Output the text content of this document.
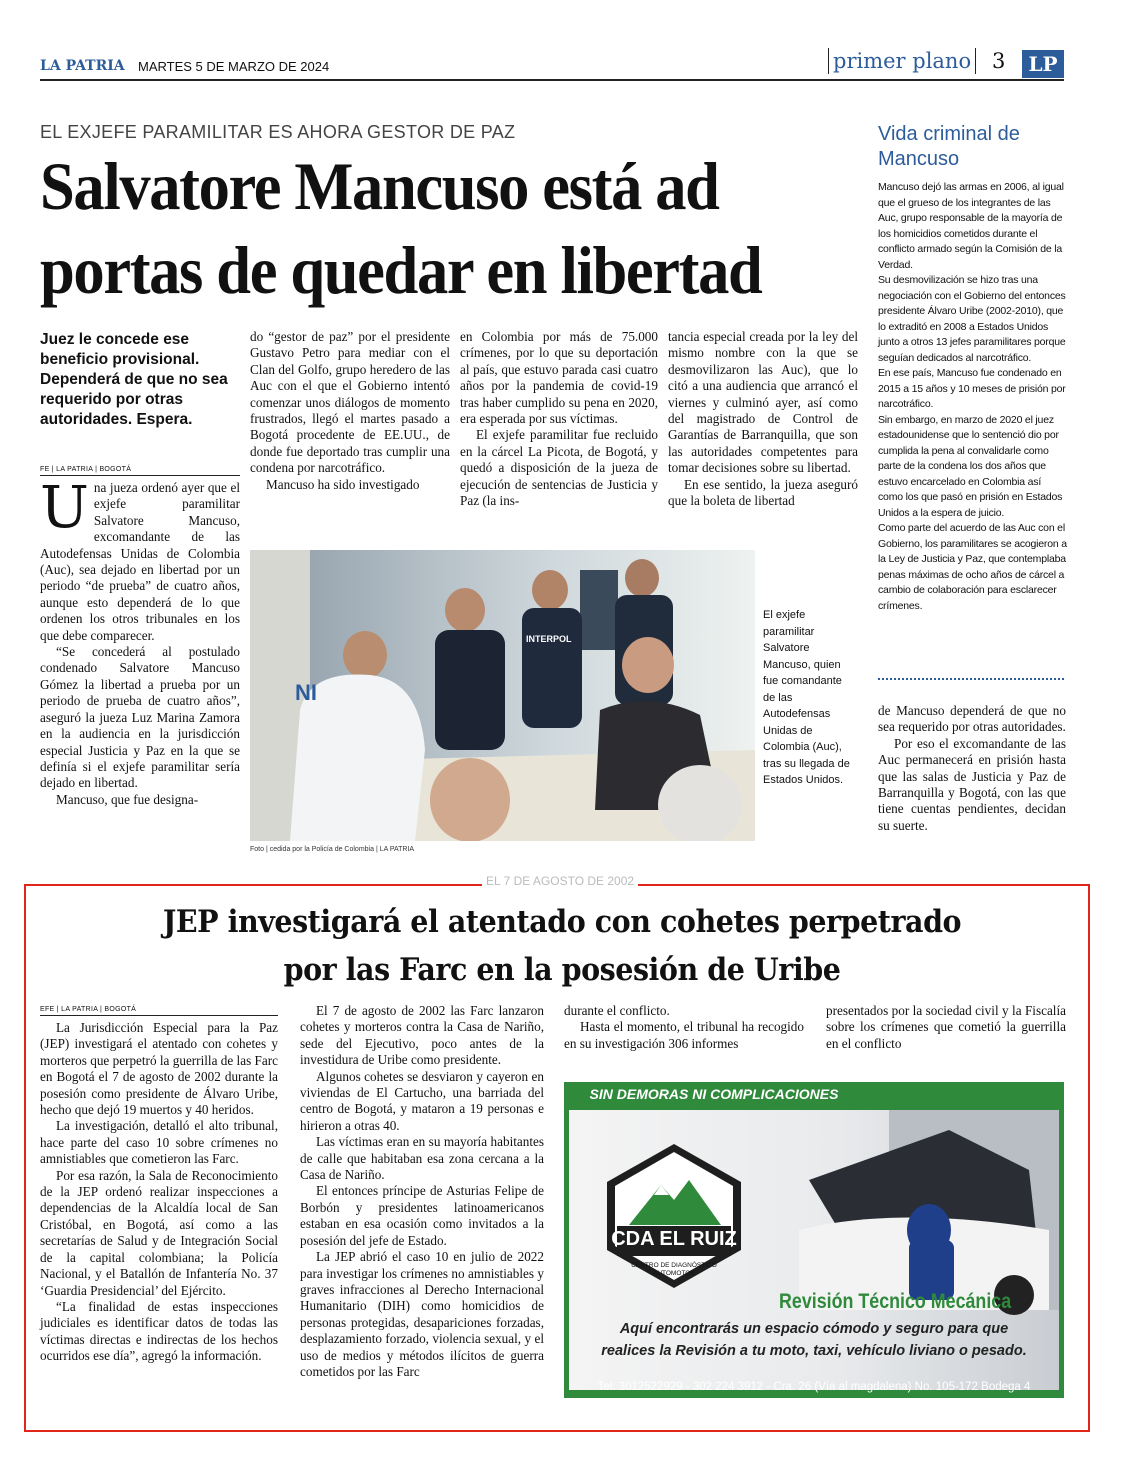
LA PATRIA MARTES 5 DE MARZO DE 2024	primer plano 3	LP
EL EXJEFE PARAMILITAR ES AHORA GESTOR DE PAZ
Salvatore Mancuso está ad portas de quedar en libertad
Juez le concede ese beneficio provisional. Dependerá de que no sea requerido por otras autoridades. Espera.
FE | LA PATRIA | BOGOTÁ

Una jueza ordenó ayer que el exjefe paramilitar Salvatore Mancuso, excomandante de las Autodefensas Unidas de Colombia (Auc), sea dejado en libertad por un periodo “de prueba” de cuatro años, aunque esto dependerá de lo que ordenen los otros tribunales en los que debe comparecer.

“Se concederá al postulado condenado Salvatore Mancuso Gómez la libertad a prueba por un periodo de prueba de cuatro años”, aseguró la jueza Luz Marina Zamora en la audiencia en la jurisdicción especial Justicia y Paz en la que se definía si el exjefe paramilitar sería dejado en libertad.

Mancuso, que fue designa-

do “gestor de paz” por el presidente Gustavo Petro para mediar con el Clan del Golfo, grupo heredero de las Auc con el que el Gobierno intentó comenzar unos diálogos de momento frustrados, llegó el martes pasado a Bogotá procedente de EE.UU., de donde fue deportado tras cumplir una condena por narcotráfico.

Mancuso ha sido investigado

en Colombia por más de 75.000 crímenes, por lo que su deportación al país, que estuvo parada casi cuatro años por la pandemia de covid-19 tras haber cumplido su pena en 2020, era esperada por sus víctimas.

El exjefe paramilitar fue recluido en la cárcel La Picota, de Bogotá, y quedó a disposición de la jueza de ejecución de sentencias de Justicia y Paz (la ins-

tancia especial creada por la ley del mismo nombre con la que se desmovilizaron las Auc), que lo citó a una audiencia que arrancó el viernes y culminó ayer, así como del magistrado de Control de Garantías de Barranquilla, que son las autoridades competentes para tomar decisiones sobre su libertad.

En ese sentido, la jueza aseguró que la boleta de libertad

NI
INTERPOL
Foto | cedida por la Policía de Colombia | LA PATRIA
El exjefe paramilitar Salvatore Mancuso, quien fue comandante de las Autodefensas Unidas de Colombia (Auc), tras su llegada de Estados Unidos.
Vida criminal de Mancuso
Mancuso dejó las armas en 2006, al igual que el grueso de los integrantes de las Auc, grupo responsable de la mayoría de los homicidios cometidos durante el conflicto armado según la Comisión de la Verdad.
Su desmovilización se hizo tras una negociación con el Gobierno del entonces presidente Álvaro Uribe (2002-2010), que lo extraditó en 2008 a Estados Unidos junto a otros 13 jefes paramilitares porque seguían dedicados al narcotráfico.
En ese país, Mancuso fue condenado en 2015 a 15 años y 10 meses de prisión por narcotráfico.
Sin embargo, en marzo de 2020 el juez estadounidense que lo sentenció dio por cumplida la pena al convalidarle como parte de la condena los dos años que estuvo encarcelado en Colombia así como los que pasó en prisión en Estados Unidos a la espera de juicio.
Como parte del acuerdo de las Auc con el Gobierno, los paramilitares se acogieron a la Ley de Justicia y Paz, que contemplaba penas máximas de ocho años de cárcel a cambio de colaboración para esclarecer crímenes.

de Mancuso dependerá de que no sea requerido por otras autoridades.

Por eso el excomandante de las Auc permanecerá en prisión hasta que las salas de Justicia y Paz de Barranquilla y Bogotá, con las que tiene cuentas pendientes, decidan su suerte.

EL 7 DE AGOSTO DE 2002
JEP investigará el atentado con cohetes perpetrado
por las Farc en la posesión de Uribe
EFE | LA PATRIA | BOGOTÁ

La Jurisdicción Especial para la Paz (JEP) investigará el atentado con cohetes y morteros que perpetró la guerrilla de las Farc en Bogotá el 7 de agosto de 2002 durante la posesión como presidente de Álvaro Uribe, hecho que dejó 19 muertos y 40 heridos.

La investigación, detalló el alto tribunal, hace parte del caso 10 sobre crímenes no amnistiables que cometieron las Farc.

Por esa razón, la Sala de Reconocimiento de la JEP ordenó realizar inspecciones a dependencias de la Alcaldía local de San Cristóbal, en Bogotá, así como a las secretarías de Salud y de Integración Social de la capital colombiana; la Policía Nacional, y el Batallón de Infantería No. 37 ‘Guardia Presidencial’ del Ejército.

“La finalidad de estas inspecciones judiciales es identificar datos de todas las víctimas directas e indirectas de los hechos ocurridos ese día”, agregó la información.

El 7 de agosto de 2002 las Farc lanzaron cohetes y morteros contra la Casa de Nariño, sede del Ejecutivo, poco antes de la investidura de Uribe como presidente.

Algunos cohetes se desviaron y cayeron en viviendas de El Cartucho, una barriada del centro de Bogotá, y mataron a 19 personas e hirieron a otras 40.

Las víctimas eran en su mayoría habitantes de calle que habitaban esa zona cercana a la Casa de Nariño.

El entonces príncipe de Asturias Felipe de Borbón y presidentes latinoamericanos estaban en esa ocasión como invitados a la posesión del jefe de Estado.

La JEP abrió el caso 10 en julio de 2022 para investigar los crímenes no amnistiables y graves infracciones al Derecho Internacional Humanitario (DIH) como homicidios de personas protegidas, desapariciones forzadas, desplazamiento forzado, violencia sexual, y el uso de medios y métodos ilícitos de guerra cometidos por las Farc

durante el conflicto.

Hasta el momento, el tribunal ha recogido en su investigación 306 informes

presentados por la sociedad civil y la Fiscalía sobre los crímenes que cometió la guerrilla en el conflicto

SIN DEMORAS NI COMPLICACIONES
CDA EL RUIZ
CENTRO DE DIAGNÓSTICO AUTOMOTOR
Revisión Técnico Mecánica
Aquí encontrarás un espacio cómodo y seguro para que
realices la Revisión a tu moto, taxi, vehículo liviano o pesado.
Tel: 3012522929 - 302 224 3912 - Cra. 26 (Vía al magdalena) No. 105-172 Bodega 4
